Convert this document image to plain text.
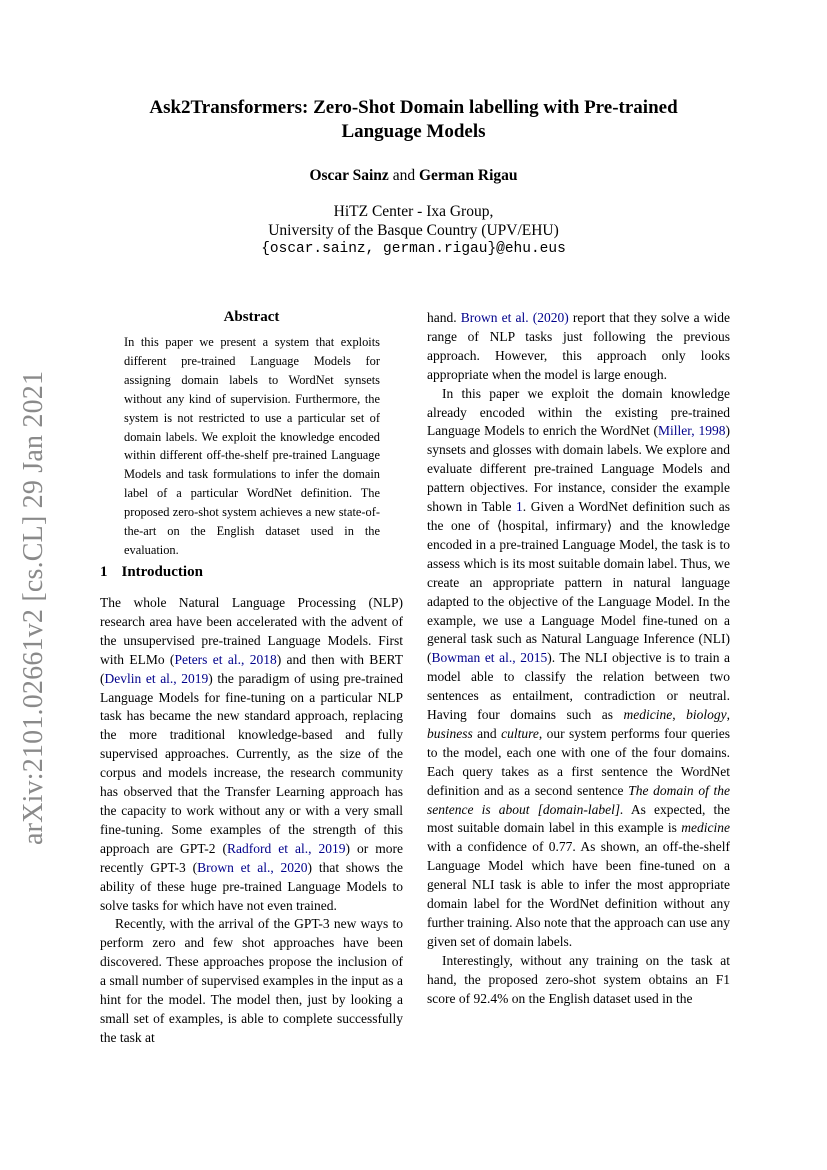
arXiv:2101.02661v2 [cs.CL] 29 Jan 2021
Ask2Transformers: Zero-Shot Domain labelling with Pre-trained
Language Models
Oscar Sainz and German Rigau
HiTZ Center - Ixa Group,
University of the Basque Country (UPV/EHU)
{oscar.sainz, german.rigau}@ehu.eus
Abstract

In this paper we present a system that exploits different pre-trained Language Models for assigning domain labels to WordNet synsets without any kind of supervision. Furthermore, the system is not restricted to use a particular set of domain labels. We exploit the knowledge encoded within different off-the-shelf pre-trained Language Models and task formulations to infer the domain label of a particular WordNet definition. The proposed zero-shot system achieves a new state-of-the-art on the English dataset used in the evaluation.

1 Introduction

The whole Natural Language Processing (NLP) research area have been accelerated with the advent of the unsupervised pre-trained Language Models. First with ELMo (Peters et al., 2018) and then with BERT (Devlin et al., 2019) the paradigm of using pre-trained Language Models for fine-tuning on a particular NLP task has became the new standard approach, replacing the more traditional knowledge-based and fully supervised approaches. Currently, as the size of the corpus and models increase, the research community has observed that the Transfer Learning approach has the capacity to work without any or with a very small fine-tuning. Some examples of the strength of this approach are GPT-2 (Radford et al., 2019) or more recently GPT-3 (Brown et al., 2020) that shows the ability of these huge pre-trained Language Models to solve tasks for which have not even trained.

Recently, with the arrival of the GPT-3 new ways to perform zero and few shot approaches have been discovered. These approaches propose the inclusion of a small number of supervised examples in the input as a hint for the model. The model then, just by looking a small set of examples, is able to complete successfully the task at

hand. Brown et al. (2020) report that they solve a wide range of NLP tasks just following the previous approach. However, this approach only looks appropriate when the model is large enough.

In this paper we exploit the domain knowledge already encoded within the existing pre-trained Language Models to enrich the WordNet (Miller, 1998) synsets and glosses with domain labels. We explore and evaluate different pre-trained Language Models and pattern objectives. For instance, consider the example shown in Table 1. Given a WordNet definition such as the one of ⟨hospital, infirmary⟩ and the knowledge encoded in a pre-trained Language Model, the task is to assess which is its most suitable domain label. Thus, we create an appropriate pattern in natural language adapted to the objective of the Language Model. In the example, we use a Language Model fine-tuned on a general task such as Natural Language Inference (NLI) (Bowman et al., 2015). The NLI objective is to train a model able to classify the relation between two sentences as entailment, contradiction or neutral. Having four domains such as medicine, biology, business and culture, our system performs four queries to the model, each one with one of the four domains. Each query takes as a first sentence the WordNet definition and as a second sentence The domain of the sentence is about [domain-label]. As expected, the most suitable domain label in this example is medicine with a confidence of 0.77. As shown, an off-the-shelf Language Model which have been fine-tuned on a general NLI task is able to infer the most appropriate domain label for the WordNet definition without any further training. Also note that the approach can use any given set of domain labels.

Interestingly, without any training on the task at hand, the proposed zero-shot system obtains an F1 score of 92.4% on the English dataset used in the
